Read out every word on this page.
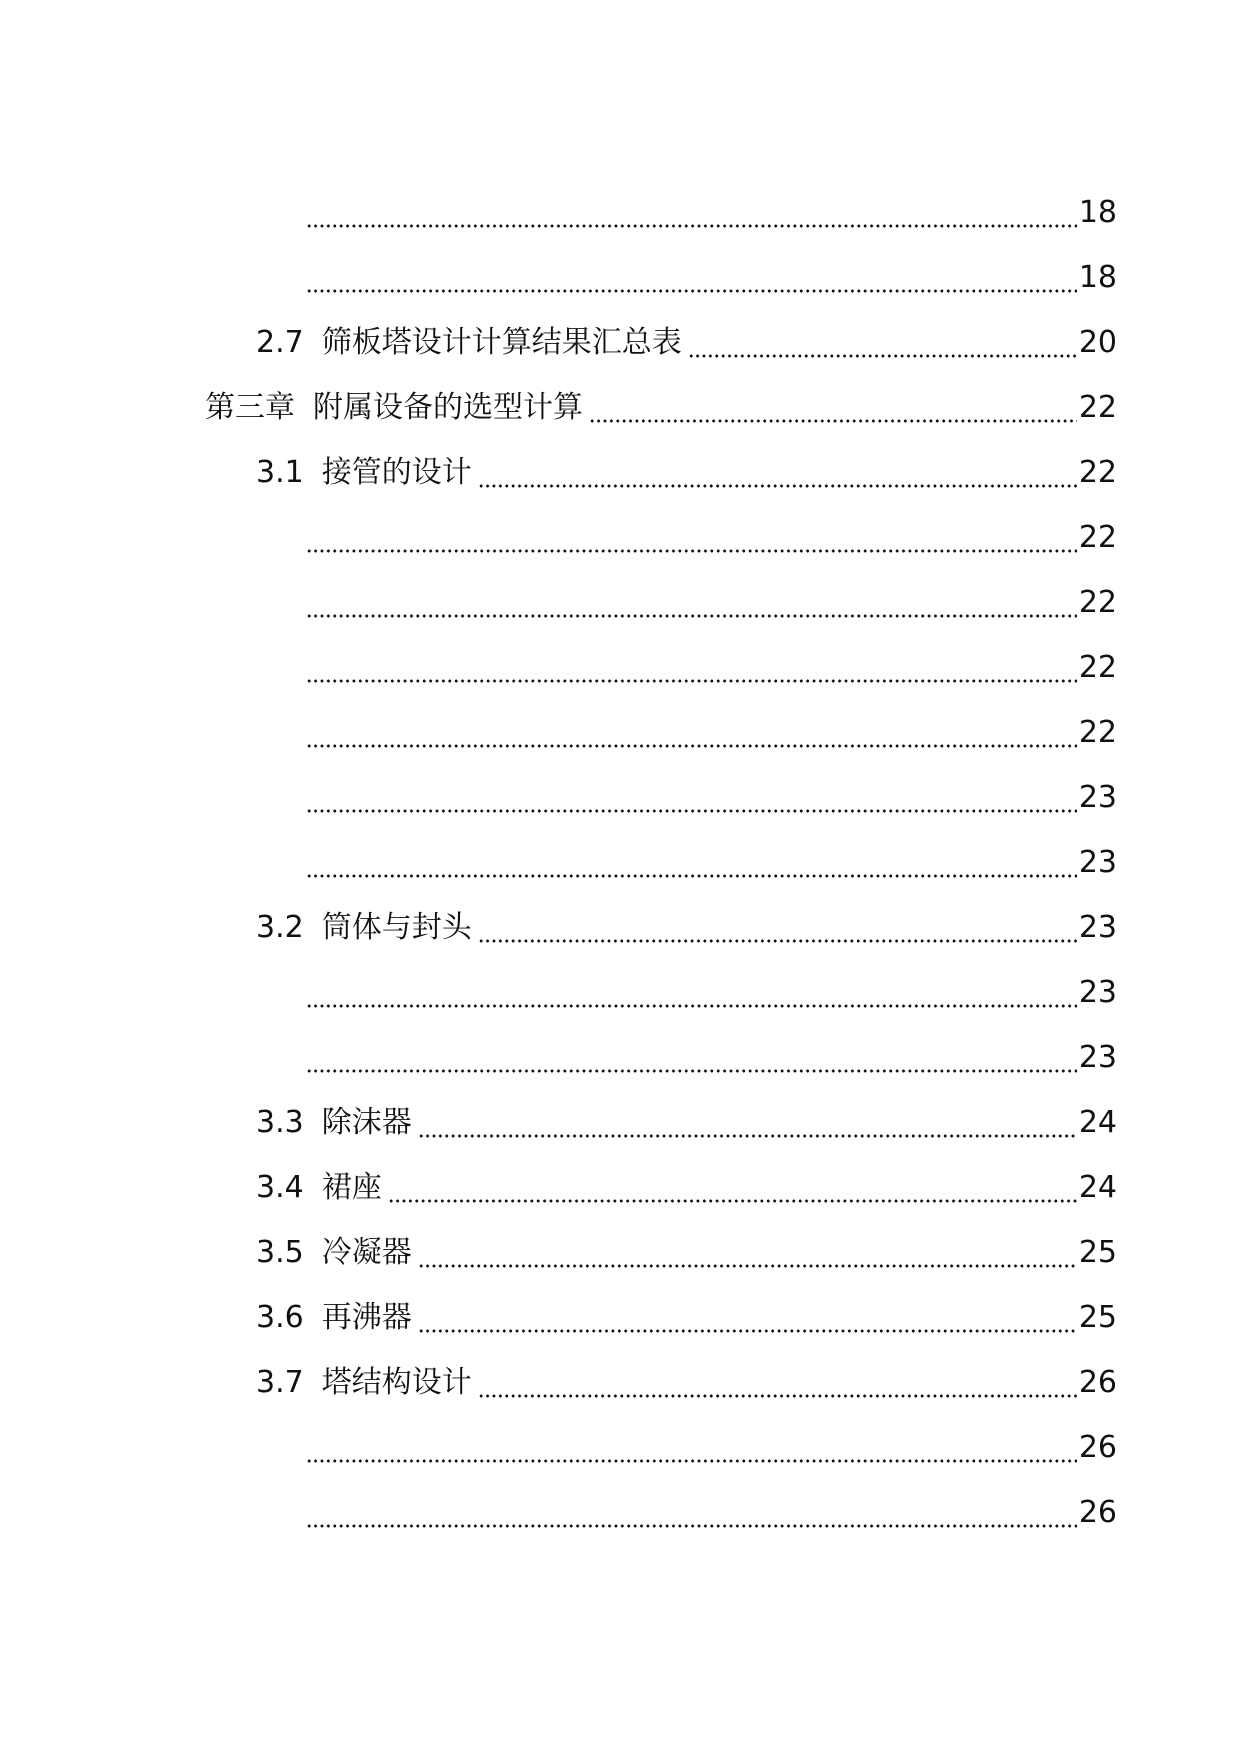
18
18
2.7 筛板塔设计计算结果汇总表	20
第三章 附属设备的选型计算	22
3.1 接管的设计	22
22
22
22
22
23
23
3.2 筒体与封头	23
23
23
3.3 除沫器	24
3.4 裙座	24
3.5 冷凝器	25
3.6 再沸器	25
3.7 塔结构设计	26
26
26
